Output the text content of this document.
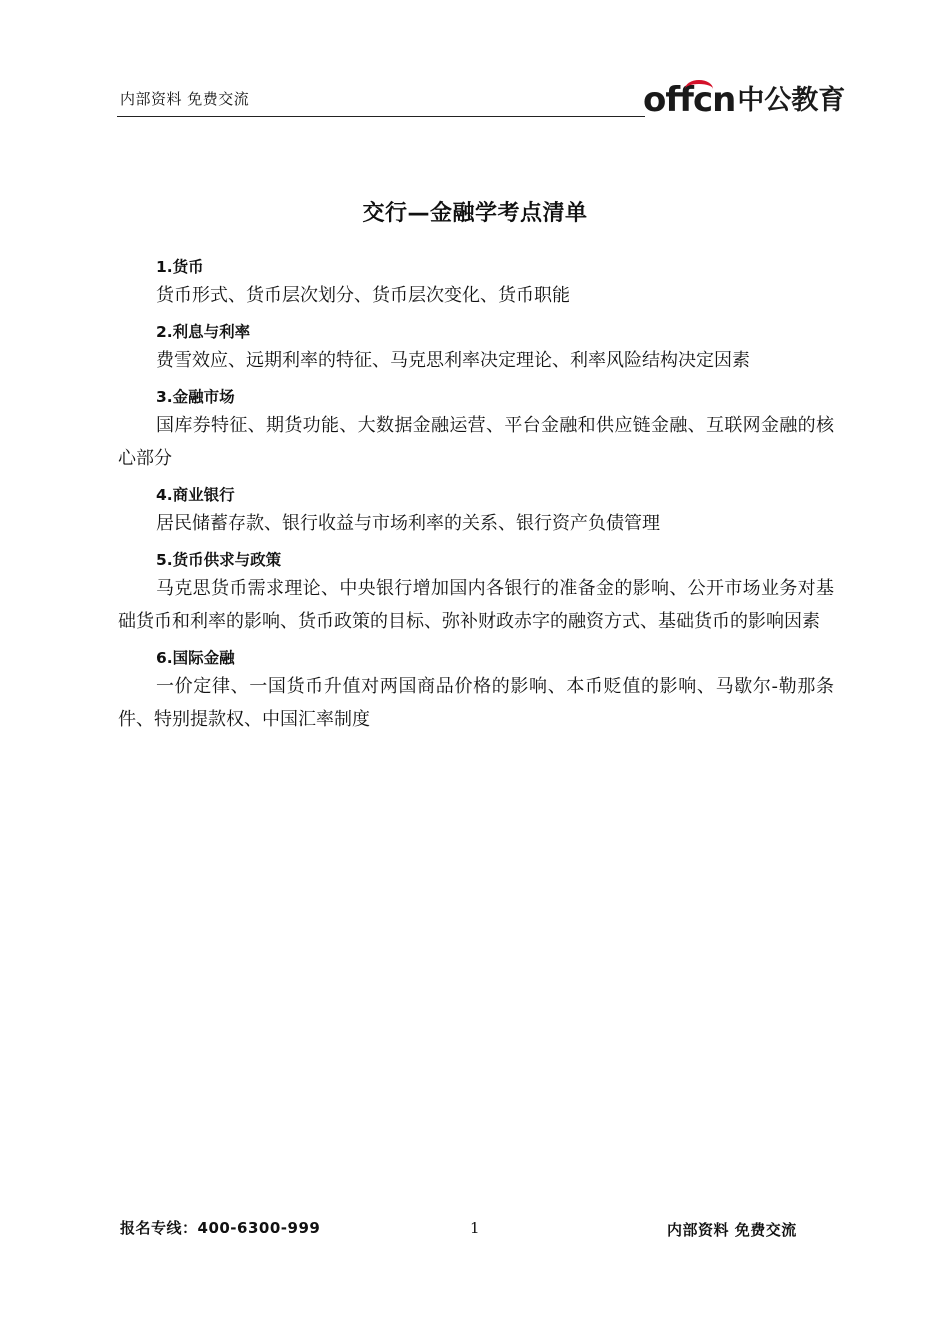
内部资料 免费交流	offcn 中公教育
交行—金融学考点清单
1.货币
货币形式、货币层次划分、货币层次变化、货币职能
2.利息与利率
费雪效应、远期利率的特征、马克思利率决定理论、利率风险结构决定因素
3.金融市场
国库券特征、期货功能、大数据金融运营、平台金融和供应链金融、互联网金融的核心部分
4.商业银行
居民储蓄存款、银行收益与市场利率的关系、银行资产负债管理
5.货币供求与政策
马克思货币需求理论、中央银行增加国内各银行的准备金的影响、公开市场业务对基础货币和利率的影响、货币政策的目标、弥补财政赤字的融资方式、基础货币的影响因素
6.国际金融
一价定律、一国货币升值对两国商品价格的影响、本币贬值的影响、马歇尔-勒那条件、特别提款权、中国汇率制度
报名专线：400-6300-999	1	内部资料 免费交流
